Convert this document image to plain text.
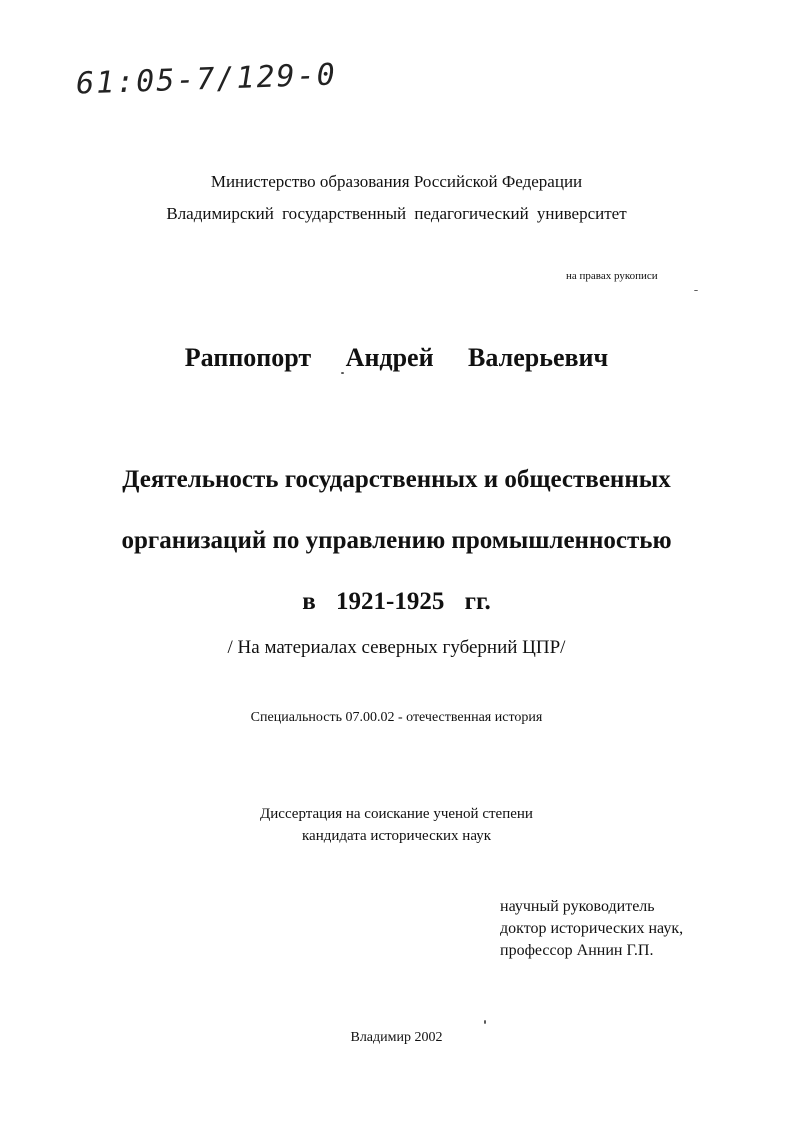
61:05-7/129-0
Министерство образования Российской Федерации
Владимирский государственный педагогический университет
на правах рукописи
Раппопорт Андрей Валерьевич
Деятельность государственных и общественных
организаций по управлению промышленностью
в 1921-1925 гг.
/ На материалах северных губерний ЦПР/
Специальность 07.00.02 - отечественная история
Диссертация на соискание ученой степени
кандидата исторических наук
научный руководитель
доктор исторических наук,
профессор Аннин Г.П.
Владимир 2002
